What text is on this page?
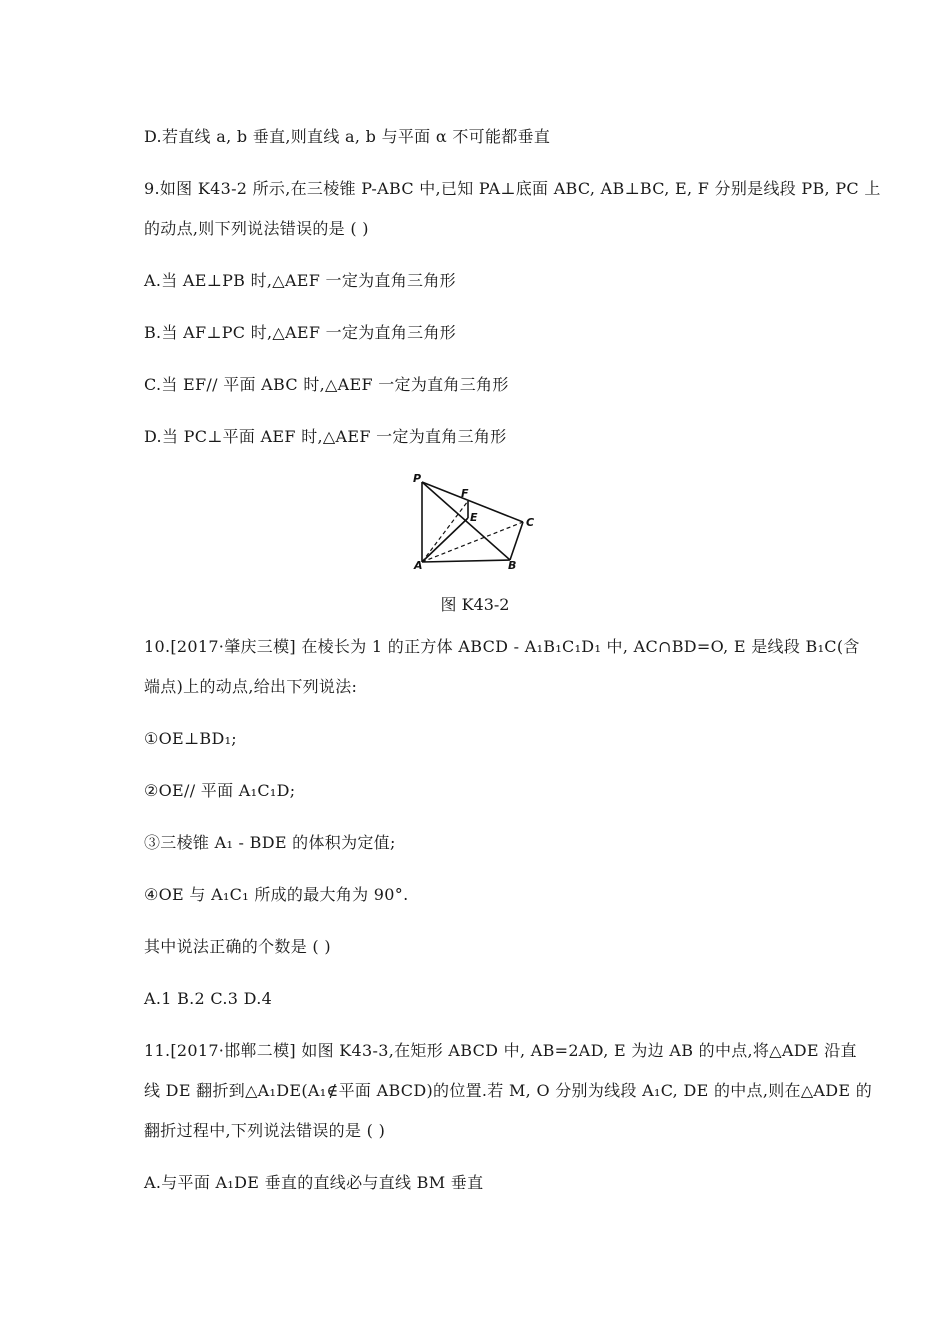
D.若直线 a, b 垂直,则直线 a, b 与平面 α 不可能都垂直

9.如图 K43-2 所示,在三棱锥 P-ABC 中,已知 PA⊥底面 ABC, AB⊥BC, E, F 分别是线段 PB, PC 上

的动点,则下列说法错误的是 ( )

A.当 AE⊥PB 时,△AEF 一定为直角三角形

B.当 AF⊥PC 时,△AEF 一定为直角三角形

C.当 EF// 平面 ABC 时,△AEF 一定为直角三角形

D.当 PC⊥平面 AEF 时,△AEF 一定为直角三角形

P
F
E	C
A	B

图 K43-2

10.[2017·肇庆三模] 在棱长为 1 的正方体 ABCD - A₁B₁C₁D₁ 中, AC∩BD=O, E 是线段 B₁C(含

端点)上的动点,给出下列说法:

①OE⊥BD₁;

②OE// 平面 A₁C₁D;

③三棱锥 A₁ - BDE 的体积为定值;

④OE 与 A₁C₁ 所成的最大角为 90°.

其中说法正确的个数是 ( )

A.1 B.2 C.3 D.4

11.[2017·邯郸二模] 如图 K43-3,在矩形 ABCD 中, AB=2AD, E 为边 AB 的中点,将△ADE 沿直

线 DE 翻折到△A₁DE(A₁∉平面 ABCD)的位置.若 M, O 分别为线段 A₁C, DE 的中点,则在△ADE 的

翻折过程中,下列说法错误的是 ( )

A.与平面 A₁DE 垂直的直线必与直线 BM 垂直
